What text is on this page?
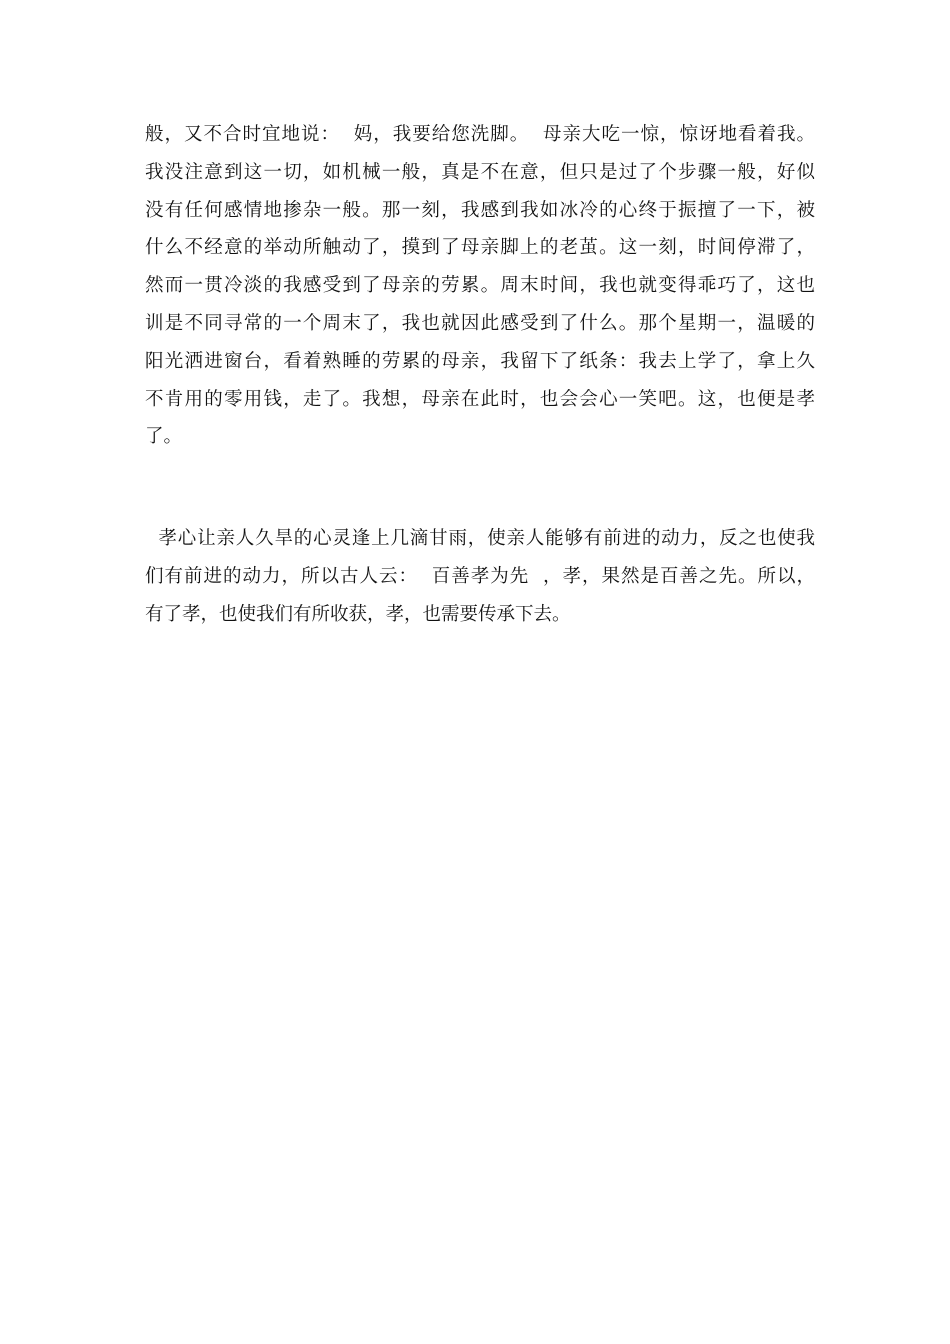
般，又不合时宜地说：  妈，我要给您洗脚。  母亲大吃一惊，惊讶地看着我。
我没注意到这一切，如机械一般，真是不在意，但只是过了个步骤一般，好似
没有任何感情地掺杂一般。那一刻，我感到我如冰冷的心终于振擅了一下，被
什么不经意的举动所触动了，摸到了母亲脚上的老茧。这一刻，时间停滞了，
然而一贯冷淡的我感受到了母亲的劳累。周末时间，我也就变得乖巧了，这也
训是不同寻常的一个周末了，我也就因此感受到了什么。那个星期一，温暖的
阳光洒进窗台，看着熟睡的劳累的母亲，我留下了纸条：我去上学了，拿上久
不肯用的零用钱，走了。我想，母亲在此时，也会会心一笑吧。这，也便是孝
了。
孝心让亲人久旱的心灵逢上几滴甘雨，使亲人能够有前进的动力，反之也使我
们有前进的动力，所以古人云：  百善孝为先  ，孝，果然是百善之先。所以，
有了孝，也使我们有所收获，孝，也需要传承下去。
